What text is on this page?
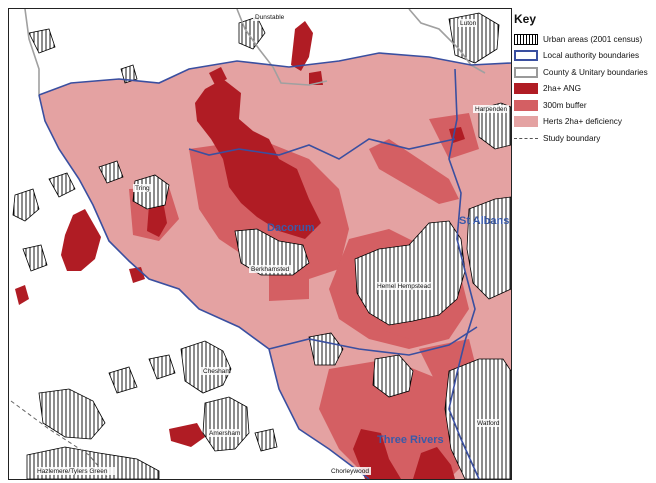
Dacorum
St Albans
Three Rivers
Dunstable
Luton
Harpenden
Tring
Berkhamsted
Hemel Hempstead
Chesham
Amersham
Watford
Chorleywood
Hazlemere/Tylers Green
Key
Urban areas (2001 census)
Local authority boundaries
County & Unitary boundaries
2ha+ ANG
300m buffer
Herts 2ha+ deficiency
Study boundary
